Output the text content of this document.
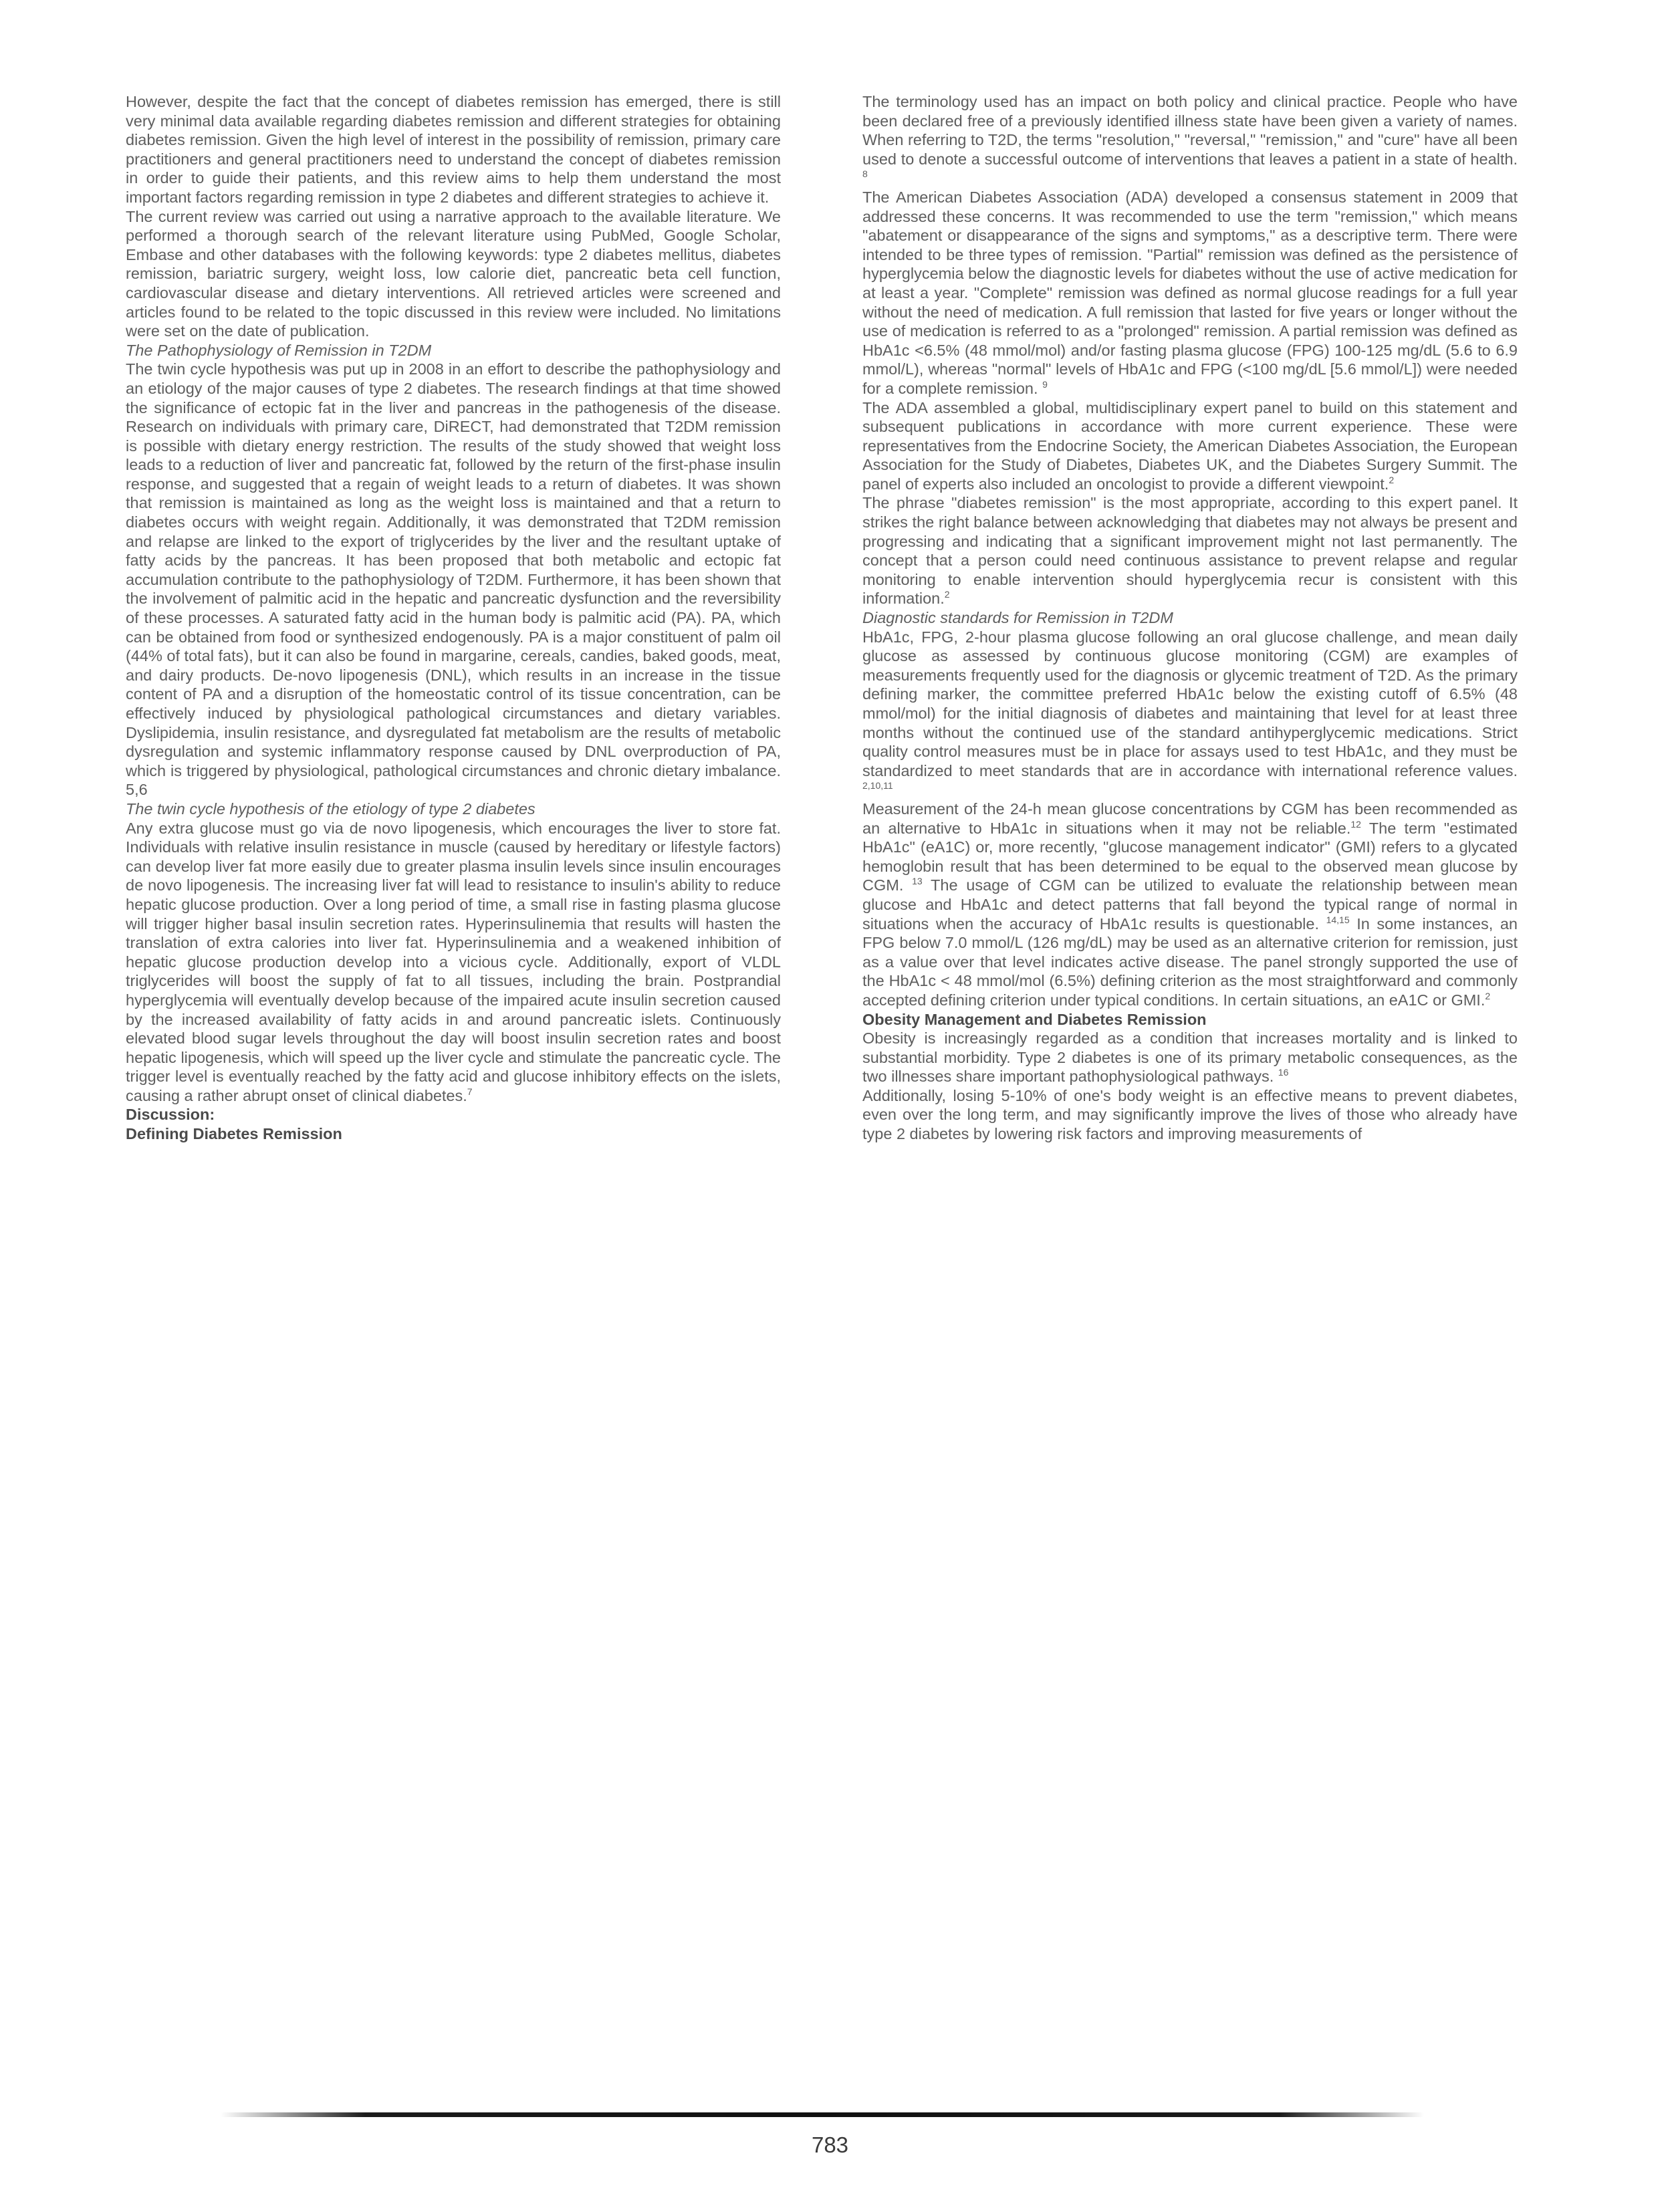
However, despite the fact that the concept of diabetes remission has emerged, there is still very minimal data available regarding diabetes remission and different strategies for obtaining diabetes remission. Given the high level of interest in the possibility of remission, primary care practitioners and general practitioners need to understand the concept of diabetes remission in order to guide their patients, and this review aims to help them understand the most important factors regarding remission in type 2 diabetes and different strategies to achieve it.

The current review was carried out using a narrative approach to the available literature. We performed a thorough search of the relevant literature using PubMed, Google Scholar, Embase and other databases with the following keywords: type 2 diabetes mellitus, diabetes remission, bariatric surgery, weight loss, low calorie diet, pancreatic beta cell function, cardiovascular disease and dietary interventions. All retrieved articles were screened and articles found to be related to the topic discussed in this review were included. No limitations were set on the date of publication.

The Pathophysiology of Remission in T2DM

The twin cycle hypothesis was put up in 2008 in an effort to describe the pathophysiology and an etiology of the major causes of type 2 diabetes. The research findings at that time showed the significance of ectopic fat in the liver and pancreas in the pathogenesis of the disease. Research on individuals with primary care, DiRECT, had demonstrated that T2DM remission is possible with dietary energy restriction. The results of the study showed that weight loss leads to a reduction of liver and pancreatic fat, followed by the return of the first-phase insulin response, and suggested that a regain of weight leads to a return of diabetes. It was shown that remission is maintained as long as the weight loss is maintained and that a return to diabetes occurs with weight regain. Additionally, it was demonstrated that T2DM remission and relapse are linked to the export of triglycerides by the liver and the resultant uptake of fatty acids by the pancreas. It has been proposed that both metabolic and ectopic fat accumulation contribute to the pathophysiology of T2DM. Furthermore, it has been shown that the involvement of palmitic acid in the hepatic and pancreatic dysfunction and the reversibility of these processes. A saturated fatty acid in the human body is palmitic acid (PA). PA, which can be obtained from food or synthesized endogenously. PA is a major constituent of palm oil (44% of total fats), but it can also be found in margarine, cereals, candies, baked goods, meat, and dairy products. De-novo lipogenesis (DNL), which results in an increase in the tissue content of PA and a disruption of the homeostatic control of its tissue concentration, can be effectively induced by physiological pathological circumstances and dietary variables. Dyslipidemia, insulin resistance, and dysregulated fat metabolism are the results of metabolic dysregulation and systemic inflammatory response caused by DNL overproduction of PA, which is triggered by physiological, pathological circumstances and chronic dietary imbalance. 5,6

The twin cycle hypothesis of the etiology of type 2 diabetes

Any extra glucose must go via de novo lipogenesis, which encourages the liver to store fat. Individuals with relative insulin resistance in muscle (caused by hereditary or lifestyle factors) can develop liver fat more easily due to greater plasma insulin levels since insulin encourages de novo lipogenesis. The increasing liver fat will lead to resistance to insulin's ability to reduce hepatic glucose production. Over a long period of time, a small rise in fasting plasma glucose will trigger higher basal insulin secretion rates. Hyperinsulinemia that results will hasten the translation of extra calories into liver fat. Hyperinsulinemia and a weakened inhibition of hepatic glucose production develop into a vicious cycle. Additionally, export of VLDL triglycerides will boost the supply of fat to all tissues, including the brain. Postprandial hyperglycemia will eventually develop because of the impaired acute insulin secretion caused by the increased availability of fatty acids in and around pancreatic islets. Continuously elevated blood sugar levels throughout the day will boost insulin secretion rates and boost hepatic lipogenesis, which will speed up the liver cycle and stimulate the pancreatic cycle. The trigger level is eventually reached by the fatty acid and glucose inhibitory effects on the islets, causing a rather abrupt onset of clinical diabetes.$^7$

Discussion:

Defining Diabetes Remission

The terminology used has an impact on both policy and clinical practice. People who have been declared free of a previously identified illness state have been given a variety of names. When referring to T2D, the terms "resolution," "reversal," "remission," and "cure" have all been used to denote a successful outcome of interventions that leaves a patient in a state of health. $^8$

The American Diabetes Association (ADA) developed a consensus statement in 2009 that addressed these concerns. It was recommended to use the term "remission," which means "abatement or disappearance of the signs and symptoms," as a descriptive term. There were intended to be three types of remission. "Partial" remission was defined as the persistence of hyperglycemia below the diagnostic levels for diabetes without the use of active medication for at least a year. "Complete" remission was defined as normal glucose readings for a full year without the need of medication. A full remission that lasted for five years or longer without the use of medication is referred to as a "prolonged" remission. A partial remission was defined as HbA1c <6.5% (48 mmol/mol) and/or fasting plasma glucose (FPG) 100-125 mg/dL (5.6 to 6.9 mmol/L), whereas "normal" levels of HbA1c and FPG (<100 mg/dL [5.6 mmol/L]) were needed for a complete remission. $^9$

The ADA assembled a global, multidisciplinary expert panel to build on this statement and subsequent publications in accordance with more current experience. These were representatives from the Endocrine Society, the American Diabetes Association, the European Association for the Study of Diabetes, Diabetes UK, and the Diabetes Surgery Summit. The panel of experts also included an oncologist to provide a different viewpoint.$^2$

The phrase "diabetes remission" is the most appropriate, according to this expert panel. It strikes the right balance between acknowledging that diabetes may not always be present and progressing and indicating that a significant improvement might not last permanently. The concept that a person could need continuous assistance to prevent relapse and regular monitoring to enable intervention should hyperglycemia recur is consistent with this information.$^2$

Diagnostic standards for Remission in T2DM

HbA1c, FPG, 2-hour plasma glucose following an oral glucose challenge, and mean daily glucose as assessed by continuous glucose monitoring (CGM) are examples of measurements frequently used for the diagnosis or glycemic treatment of T2D. As the primary defining marker, the committee preferred HbA1c below the existing cutoff of 6.5% (48 mmol/mol) for the initial diagnosis of diabetes and maintaining that level for at least three months without the continued use of the standard antihyperglycemic medications. Strict quality control measures must be in place for assays used to test HbA1c, and they must be standardized to meet standards that are in accordance with international reference values. $^{2,10,11}$

Measurement of the 24-h mean glucose concentrations by CGM has been recommended as an alternative to HbA1c in situations when it may not be reliable.$^{12}$ The term "estimated HbA1c" (eA1C) or, more recently, "glucose management indicator" (GMI) refers to a glycated hemoglobin result that has been determined to be equal to the observed mean glucose by CGM. $^{13}$ The usage of CGM can be utilized to evaluate the relationship between mean glucose and HbA1c and detect patterns that fall beyond the typical range of normal in situations when the accuracy of HbA1c results is questionable. $^{14,15}$ In some instances, an FPG below 7.0 mmol/L (126 mg/dL) may be used as an alternative criterion for remission, just as a value over that level indicates active disease. The panel strongly supported the use of the HbA1c < 48 mmol/mol (6.5%) defining criterion as the most straightforward and commonly accepted defining criterion under typical conditions. In certain situations, an eA1C or GMI.$^2$

Obesity Management and Diabetes Remission

Obesity is increasingly regarded as a condition that increases mortality and is linked to substantial morbidity. Type 2 diabetes is one of its primary metabolic consequences, as the two illnesses share important pathophysiological pathways. $^{16}$

Additionally, losing 5-10% of one's body weight is an effective means to prevent diabetes, even over the long term, and may significantly improve the lives of those who already have type 2 diabetes by lowering risk factors and improving measurements of

783
